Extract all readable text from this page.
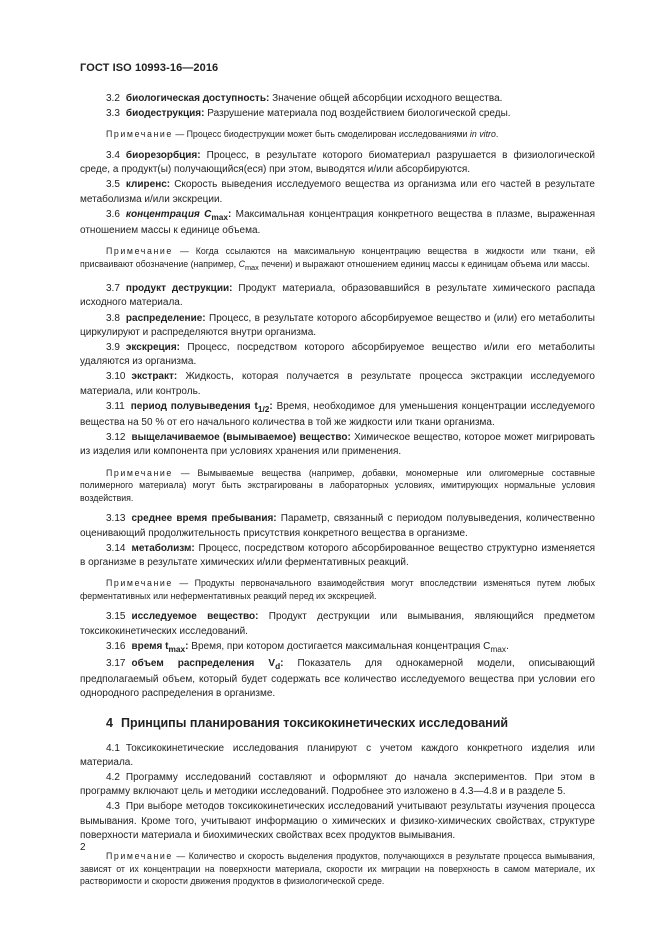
ГОСТ ISO 10993-16—2016

3.2 биологическая доступность: Значение общей абсорбции исходного вещества.

3.3 биодеструкция: Разрушение материала под воздействием биологической среды.

Примечание — Процесс биодеструкции может быть смоделирован исследованиями in vitro.

3.4 биорезорбция: Процесс, в результате которого биоматериал разрушается в физиологической среде, а продукт(ы) получающийся(еся) при этом, выводятся и/или абсорбируются.

3.5 клиренс: Скорость выведения исследуемого вещества из организма или его частей в результате метаболизма и/или экскреции.

3.6 концентрация $C_{max}$: Максимальная концентрация конкретного вещества в плазме, выраженная отношением массы к единице объема.

Примечание — Когда ссылаются на максимальную концентрацию вещества в жидкости или ткани, ей присваивают обозначение (например, $C_{max}$ печени) и выражают отношением единиц массы к единицам объема или массы.

3.7 продукт деструкции: Продукт материала, образовавшийся в результате химического распада исходного материала.

3.8 распределение: Процесс, в результате которого абсорбируемое вещество и (или) его метаболиты циркулируют и распределяются внутри организма.

3.9 экскреция: Процесс, посредством которого абсорбируемое вещество и/или его метаболиты удаляются из организма.

3.10 экстракт: Жидкость, которая получается в результате процесса экстракции исследуемого материала, или контроль.

3.11 период полувыведения $t_{1/2}$: Время, необходимое для уменьшения концентрации исследуемого вещества на 50 % от его начального количества в той же жидкости или ткани организма.

3.12 выщелачиваемое (вымываемое) вещество: Химическое вещество, которое может мигрировать из изделия или компонента при условиях хранения или применения.

Примечание — Вымываемые вещества (например, добавки, мономерные или олигомерные составные полимерного материала) могут быть экстрагированы в лабораторных условиях, имитирующих нормальные условия воздействия.

3.13 среднее время пребывания: Параметр, связанный с периодом полувыведения, количественно оценивающий продолжительность присутствия конкретного вещества в организме.

3.14 метаболизм: Процесс, посредством которого абсорбированное вещество структурно изменяется в организме в результате химических и/или ферментативных реакций.

Примечание — Продукты первоначального взаимодействия могут впоследствии изменяться путем любых ферментативных или неферментативных реакций перед их экскрецией.

3.15 исследуемое вещество: Продукт деструкции или вымывания, являющийся предметом токсикокинетических исследований.

3.16 время $t_{max}$: Время, при котором достигается максимальная концентрация $C_{max}$.

3.17 объем распределения $V_d$: Показатель для однокамерной модели, описывающий предполагаемый объем, который будет содержать все количество исследуемого вещества при условии его однородного распределения в организме.

4 Принципы планирования токсикокинетических исследований

4.1 Токсикокинетические исследования планируют с учетом каждого конкретного изделия или материала.

4.2 Программу исследований составляют и оформляют до начала экспериментов. При этом в программу включают цель и методики исследований. Подробнее это изложено в 4.3—4.8 и в разделе 5.

4.3 При выборе методов токсикокинетических исследований учитывают результаты изучения процесса вымывания. Кроме того, учитывают информацию о химических и физико-химических свойствах, структуре поверхности материала и биохимических свойствах всех продуктов вымывания.

Примечание — Количество и скорость выделения продуктов, получающихся в результате процесса вымывания, зависят от их концентрации на поверхности материала, скорости их миграции на поверхность в самом материале, их растворимости и скорости движения продуктов в физиологической среде.

2
